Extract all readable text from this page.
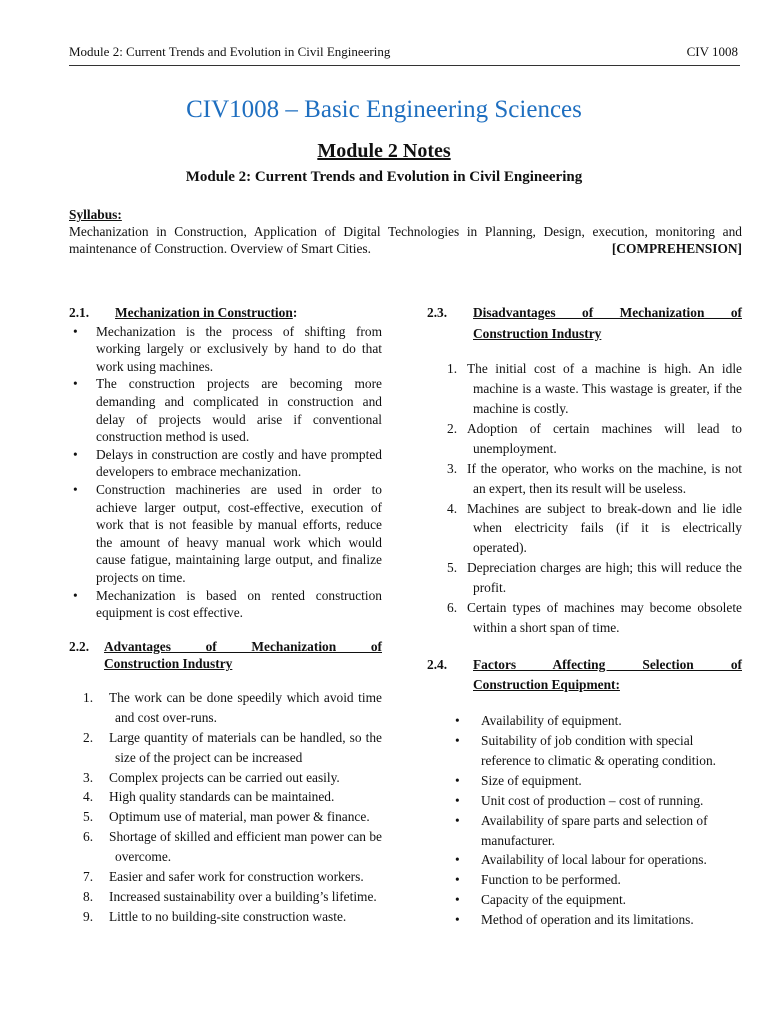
Module 2: Current Trends and Evolution in Civil Engineering	CIV 1008
CIV1008 – Basic Engineering Sciences
Module 2 Notes
Module 2: Current Trends and Evolution in Civil Engineering
Syllabus:
Mechanization in Construction, Application of Digital Technologies in Planning, Design, execution, monitoring and maintenance of Construction. Overview of Smart Cities.	[COMPREHENSION]
2.1.	Mechanization in Construction:
• Mechanization is the process of shifting from working largely or exclusively by hand to do that work using machines.
• The construction projects are becoming more demanding and complicated in construction and delay of projects would arise if conventional construction method is used.
• Delays in construction are costly and have prompted developers to embrace mechanization.
• Construction machineries are used in order to achieve larger output, cost-effective, execution of work that is not feasible by manual efforts, reduce the amount of heavy manual work which would cause fatigue, maintaining large output, and finalize projects on time.
• Mechanization is based on rented construction equipment is cost effective.
2.2.	Advantages of Mechanization of
Construction Industry
1. The work can be done speedily which avoid time and cost over-runs.
2. Large quantity of materials can be handled, so the size of the project can be increased
3. Complex projects can be carried out easily.
4. High quality standards can be maintained.
5. Optimum use of material, man power & finance.
6. Shortage of skilled and efficient man power can be overcome.
7. Easier and safer work for construction workers.
8. Increased sustainability over a building’s lifetime.
9. Little to no building-site construction waste.
2.3.	Disadvantages of Mechanization of
Construction Industry
1. The initial cost of a machine is high. An idle machine is a waste. This wastage is greater, if the machine is costly.
2. Adoption of certain machines will lead to unemployment.
3. If the operator, who works on the machine, is not an expert, then its result will be useless.
4. Machines are subject to break-down and lie idle when electricity fails (if it is electrically operated).
5. Depreciation charges are high; this will reduce the profit.
6. Certain types of machines may become obsolete within a short span of time.
2.4.	Factors Affecting Selection of
Construction Equipment:
• Availability of equipment.
• Suitability of job condition with special reference to climatic & operating condition.
• Size of equipment.
• Unit cost of production – cost of running.
• Availability of spare parts and selection of manufacturer.
• Availability of local labour for operations.
• Function to be performed.
• Capacity of the equipment.
• Method of operation and its limitations.
